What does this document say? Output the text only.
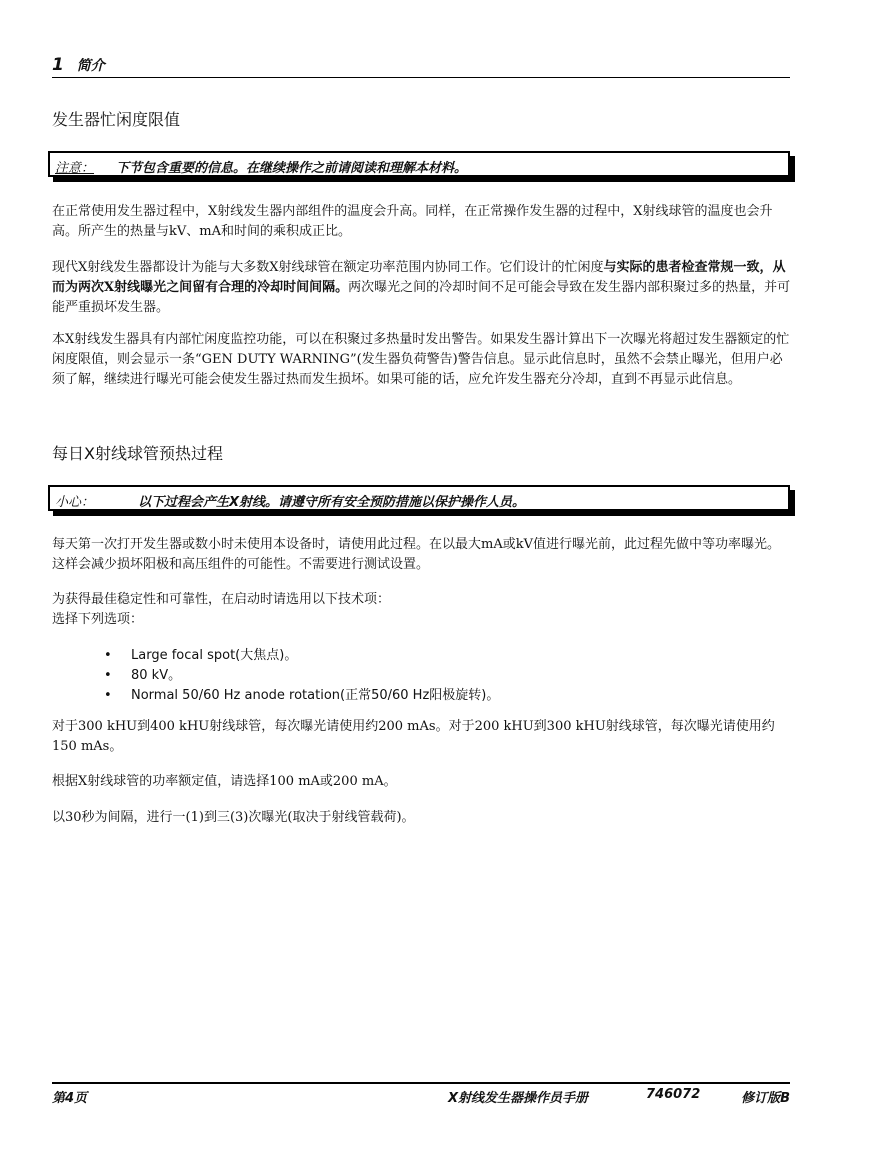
1 简介
发生器忙闲度限值
注意： 下节包含重要的信息。在继续操作之前请阅读和理解本材料。
在正常使用发生器过程中，X射线发生器内部组件的温度会升高。同样，在正常操作发生器的过程中，X射线球管的温度也会升高。所产生的热量与kV、mA和时间的乘积成正比。
现代X射线发生器都设计为能与大多数X射线球管在额定功率范围内协同工作。它们设计的忙闲度与实际的患者检查常规一致，从而为两次X射线曝光之间留有合理的冷却时间间隔。两次曝光之间的冷却时间不足可能会导致在发生器内部积聚过多的热量，并可能严重损坏发生器。
本X射线发生器具有内部忙闲度监控功能，可以在积聚过多热量时发出警告。如果发生器计算出下一次曝光将超过发生器额定的忙闲度限值，则会显示一条“GEN DUTY WARNING”(发生器负荷警告)警告信息。显示此信息时，虽然不会禁止曝光，但用户必须了解，继续进行曝光可能会使发生器过热而发生损坏。如果可能的话，应允许发生器充分冷却，直到不再显示此信息。
每日X射线球管预热过程
小心：	以下过程会产生X射线。请遵守所有安全预防措施以保护操作人员。
每天第一次打开发生器或数小时未使用本设备时，请使用此过程。在以最大mA或kV值进行曝光前，此过程先做中等功率曝光。这样会减少损坏阳极和高压组件的可能性。不需要进行测试设置。
为获得最佳稳定性和可靠性，在启动时请选用以下技术项：
选择下列选项：
• Large focal spot(大焦点)。
• 80 kV。
• Normal 50/60 Hz anode rotation(正常50/60 Hz阳极旋转)。
对于300 kHU到400 kHU射线球管，每次曝光请使用约200 mAs。对于200 kHU到300 kHU射线球管，每次曝光请使用约150 mAs。
根据X射线球管的功率额定值，请选择100 mA或200 mA。
以30秒为间隔，进行一(1)到三(3)次曝光(取决于射线管载荷)。
第4页	X射线发生器操作员手册	746072	修订版B
